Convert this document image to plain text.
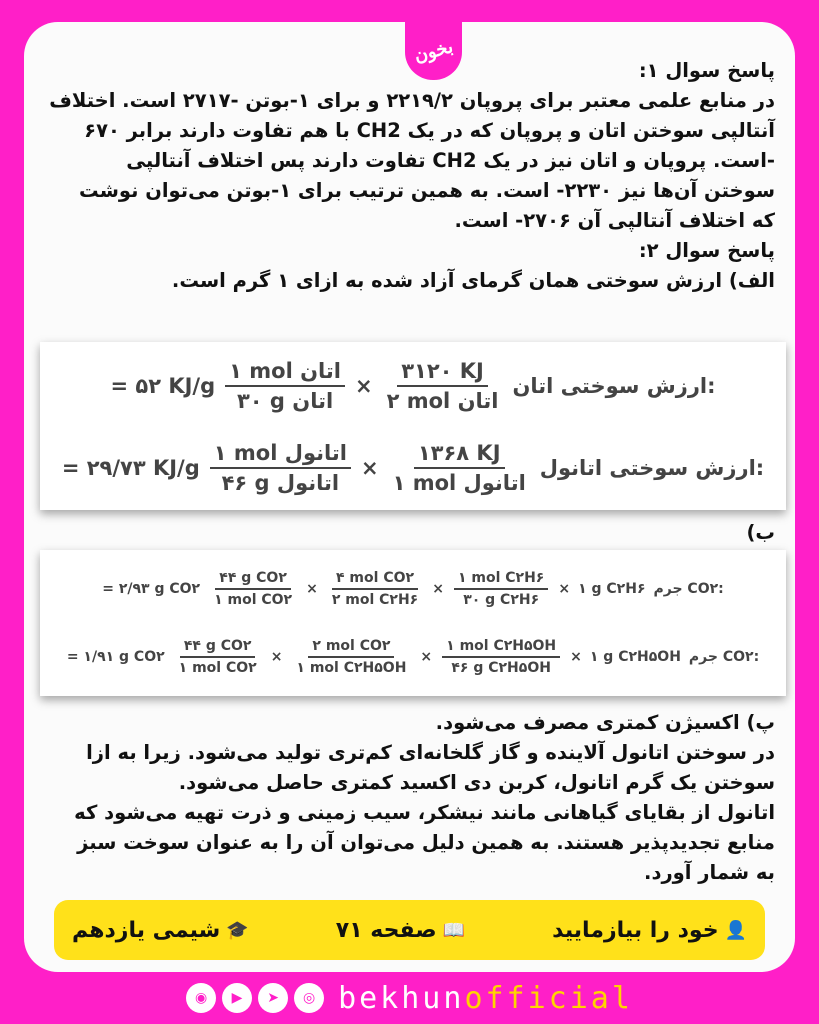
بخون

پاسخ سوال ۱:

در منابع علمی معتبر برای پروپان ۲۲۱۹/۲ و برای ۱-بوتن -۲۷۱۷ است. اختلاف

آنتالپی سوختن اتان و پروپان که در یک CH2 با هم تفاوت دارند برابر ۶۷۰

-است. پروپان و اتان نیز در یک CH2 تفاوت دارند پس اختلاف آنتالپی

سوختن آن‌ها نیز ۲۲۳۰- است. به همین ترتیب برای ۱-بوتن می‌توان نوشت

که اختلاف آنتالپی آن ۲۷۰۶- است.

پاسخ سوال ۲:

الف) ارزش سوختی همان گرمای آزاد شده به ازای ۱ گرم است.

= ۵۲ $KJ/g \frac{\text{۱ mol اتان}}{\text{۳۰ g اتان}} \times \frac{۳۱۲۰ KJ}{\text{۲ mol اتان}}$ ارزش سوختی اتان:
= ۲۹/۷۳ $KJ/g \frac{\text{۱ mol اتانول}}{\text{۴۶ g اتانول}} \times \frac{۱۳۶۸ KJ}{\text{۱ mol اتانول}}$ ارزش سوختی اتانول:

ب)

= ۲/۹۳ g CO۲ $\frac{\text{۴۴ g CO۲}}{\text{۱ mol CO۲}} \times \frac{\text{۴ mol CO۲}}{\text{۲ mol C۲H۶}} \times \frac{\text{۱ mol C۲H۶}}{\text{۳۰ g C۲H۶}}$ × ۱ g C۲H۶ جرم CO۲:
= ۱/۹۱ g CO۲ $\frac{\text{۴۴ g CO۲}}{\text{۱ mol CO۲}} \times \frac{\text{۲ mol CO۲}}{\text{۱ mol C۲H۵OH}} \times \frac{\text{۱ mol C۲H۵OH}}{\text{۴۶ g C۲H۵OH}}$ × ۱ g C۲H۵OH جرم CO۲:

پ) اکسیژن کمتری مصرف می‌شود.

در سوختن اتانول آلاینده و گاز گلخانه‌ای کم‌تری تولید می‌شود. زیرا به ازا

سوختن یک گرم اتانول، کربن دی اکسید کمتری حاصل می‌شود.

اتانول از بقایای گیاهانی مانند نیشکر، سیب زمینی و ذرت تهیه می‌شود که

منابع تجدیدپذیر هستند. به همین دلیل می‌توان آن را به عنوان سوخت سبز

به شمار آورد.

👤
خود را بیازمایید
📖
صفحه ۷۱
🎓
شیمی یازدهم
◉	▶	➤	◎ bekhunofficial
